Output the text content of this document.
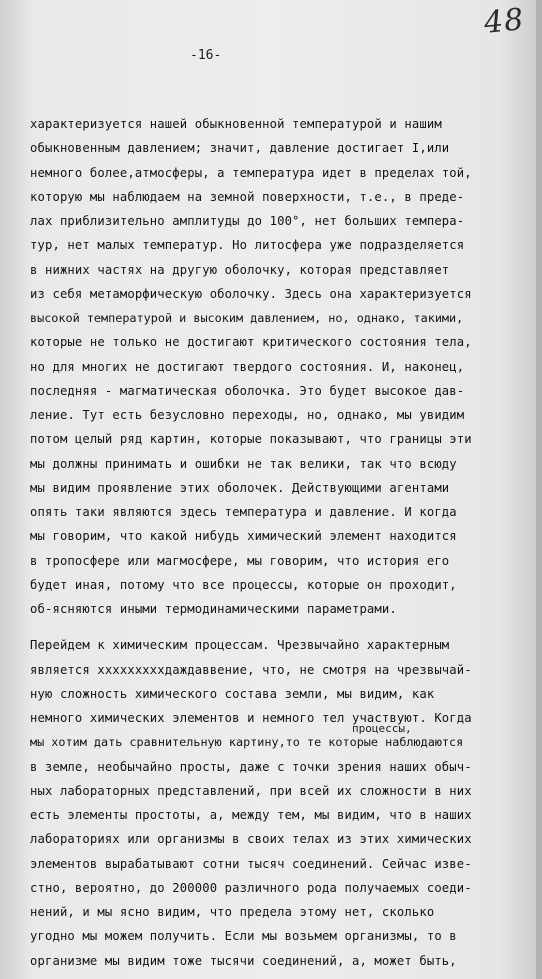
48
-16-
процессы,
характеризуется нашей обыкновенной температурой и нашим
обыкновенным давлением; значит, давление достигает I,или
немного более,атмосферы, а температура идет в пределах той,
которую мы наблюдаем на земной поверхности, т.е., в преде-
лах приблизительно амплитуды до 100°, нет больших темпера-
тур, нет малых температур. Но литосфера уже подразделяется
в нижних частях на другую оболочку, которая представляет
из себя метаморфическую оболочку. Здесь она характеризуется
высокой температурой и высоким давлением, но, однако, такими,
которые не только не достигают критического состояния тела,
но для многих не достигают твердого состояния. И, наконец,
последняя - магматическая оболочка. Это будет высокое дав-
ление. Тут есть безусловно переходы, но, однако, мы увидим
потом целый ряд картин, которые показывают, что границы эти
мы должны принимать и ошибки не так велики, так что всюду
мы видим проявление этих оболочек. Действующими агентами
опять таки являются здесь температура и давление. И когда
мы говорим, что какой нибудь химический элемент находится
в тропосфере или магмосфере, мы говорим, что история его
будет иная, потому что все процессы, которые он проходит,
об-ясняются иными термодинамическими параметрами.
Перейдем к химическим процессам. Чрезвычайно характерным
является хххххххххдаждаввение, что, не смотря на чрезвычай-
ную сложность химического состава земли, мы видим, как
немного химических элементов и немного тел участвуют. Когда
мы хотим дать сравнительную картину,то те которые наблюдаются
в земле, необычайно просты, даже с точки зрения наших обыч-
ных лабораторных представлений, при всей их сложности в них
есть элементы простоты, а, между тем, мы видим, что в наших
лабораториях или организмы в своих телах из этих химических
элементов вырабатывают сотни тысяч соединений. Сейчас изве-
стно, вероятно, до 200000 различного рода получаемых соеди-
нений, и мы ясно видим, что предела этому нет, сколько
угодно мы можем получить. Если мы возьмем организмы, то в
организме мы видим тоже тысячи соединений, а, может быть,
